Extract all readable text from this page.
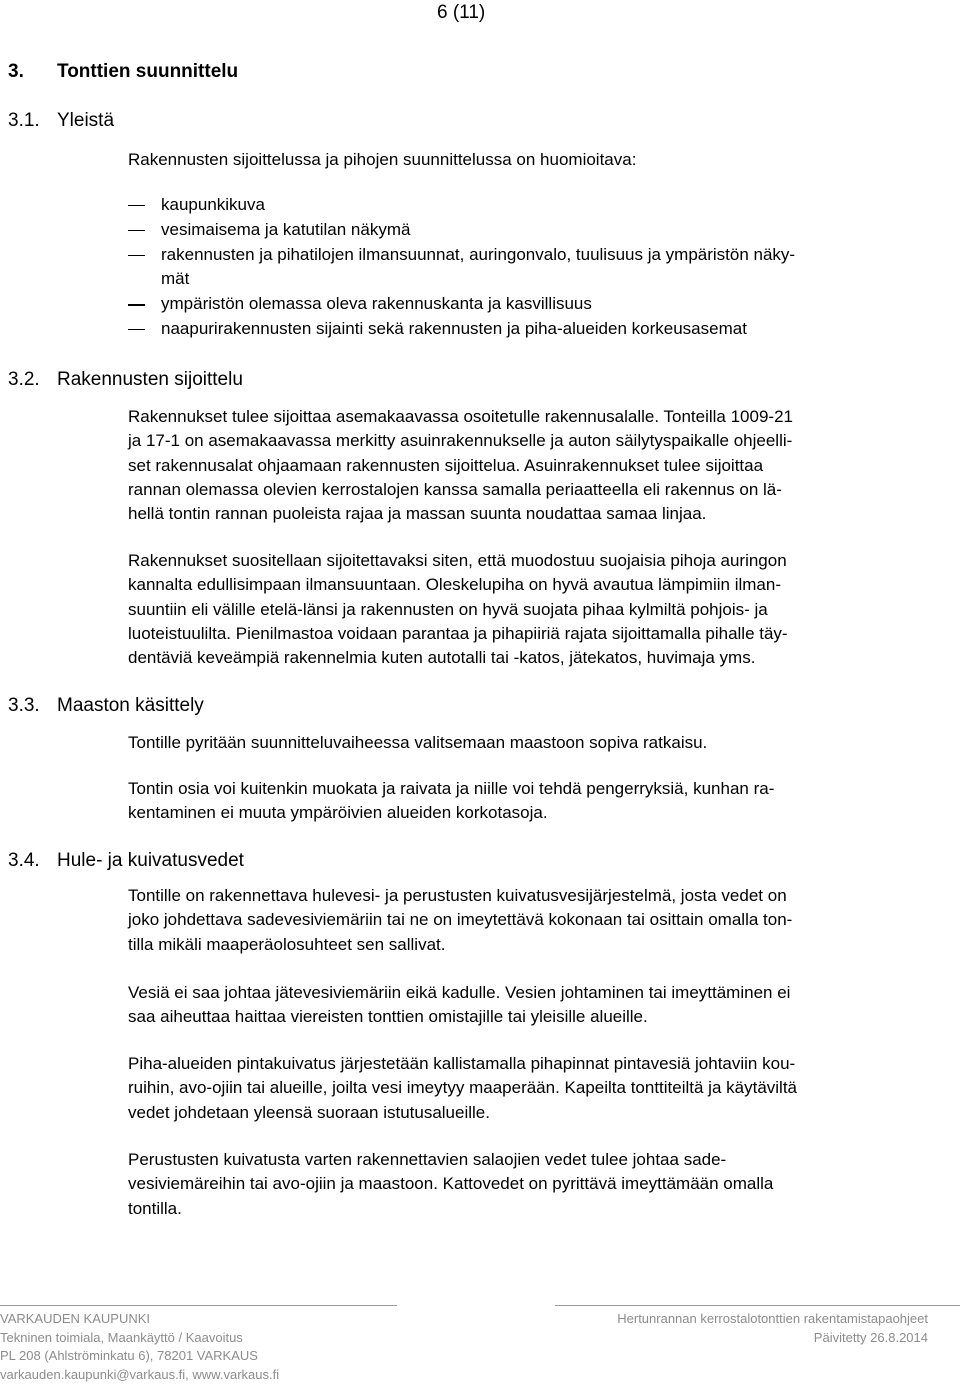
6 (11)
3. Tonttien suunnittelu
3.1. Yleistä
Rakennusten sijoittelussa ja pihojen suunnittelussa on huomioitava:
kaupunkikuva
vesimaisema ja katutilan näkymä
rakennusten ja pihatilojen ilmansuunnat, auringonvalo, tuulisuus ja ympäristön näky-
mät
ympäristön olemassa oleva rakennuskanta ja kasvillisuus
naapurirakennusten sijainti sekä rakennusten ja piha-alueiden korkeusasemat
3.2. Rakennusten sijoittelu
Rakennukset tulee sijoittaa asemakaavassa osoitetulle rakennusalalle. Tonteilla 1009-21
ja 17-1 on asemakaavassa merkitty asuinrakennukselle ja auton säilytyspaikalle ohjeelli-
set rakennusalat ohjaamaan rakennusten sijoittelua. Asuinrakennukset tulee sijoittaa
rannan olemassa olevien kerrostalojen kanssa samalla periaatteella eli rakennus on lä-
hellä tontin rannan puoleista rajaa ja massan suunta noudattaa samaa linjaa.
Rakennukset suositellaan sijoitettavaksi siten, että muodostuu suojaisia pihoja auringon
kannalta edullisimpaan ilmansuuntaan. Oleskelupiha on hyvä avautua lämpimiin ilman-
suuntiin eli välille etelä-länsi ja rakennusten on hyvä suojata pihaa kylmiltä pohjois- ja
luoteistuulilta. Pienilmastoa voidaan parantaa ja pihapiiriä rajata sijoittamalla pihalle täy-
dentäviä keveämpiä rakennelmia kuten autotalli tai -katos, jätekatos, huvimaja yms.
3.3. Maaston käsittely
Tontille pyritään suunnitteluvaiheessa valitsemaan maastoon sopiva ratkaisu.
Tontin osia voi kuitenkin muokata ja raivata ja niille voi tehdä pengerryksiä, kunhan ra-
kentaminen ei muuta ympäröivien alueiden korkotasoja.
3.4. Hule- ja kuivatusvedet
Tontille on rakennettava hulevesi- ja perustusten kuivatusvesijärjestelmä, josta vedet on
joko johdettava sadevesiviemäriin tai ne on imeytettävä kokonaan tai osittain omalla ton-
tilla mikäli maaperäolosuhteet sen sallivat.
Vesiä ei saa johtaa jätevesiviemäriin eikä kadulle. Vesien johtaminen tai imeyttäminen ei
saa aiheuttaa haittaa viereisten tonttien omistajille tai yleisille alueille.
Piha-alueiden pintakuivatus järjestetään kallistamalla pihapinnat pintavesiä johtaviin kou-
ruihin, avo-ojiin tai alueille, joilta vesi imeytyy maaperään. Kapeilta tonttiteiltä ja käytäviltä
vedet johdetaan yleensä suoraan istutusalueille.
Perustusten kuivatusta varten rakennettavien salaojien vedet tulee johtaa sade-
vesiviemäreihin tai avo-ojiin ja maastoon. Kattovedet on pyrittävä imeyttämään omalla
tontilla.
VARKAUDEN KAUPUNKI
Tekninen toimiala, Maankäyttö / Kaavoitus
PL 208 (Ahlströminkatu 6), 78201 VARKAUS
varkauden.kaupunki@varkaus.fi, www.varkaus.fi
Hertunrannan kerrostalotonttien rakentamistapaohjeet
Päivitetty 26.8.2014
